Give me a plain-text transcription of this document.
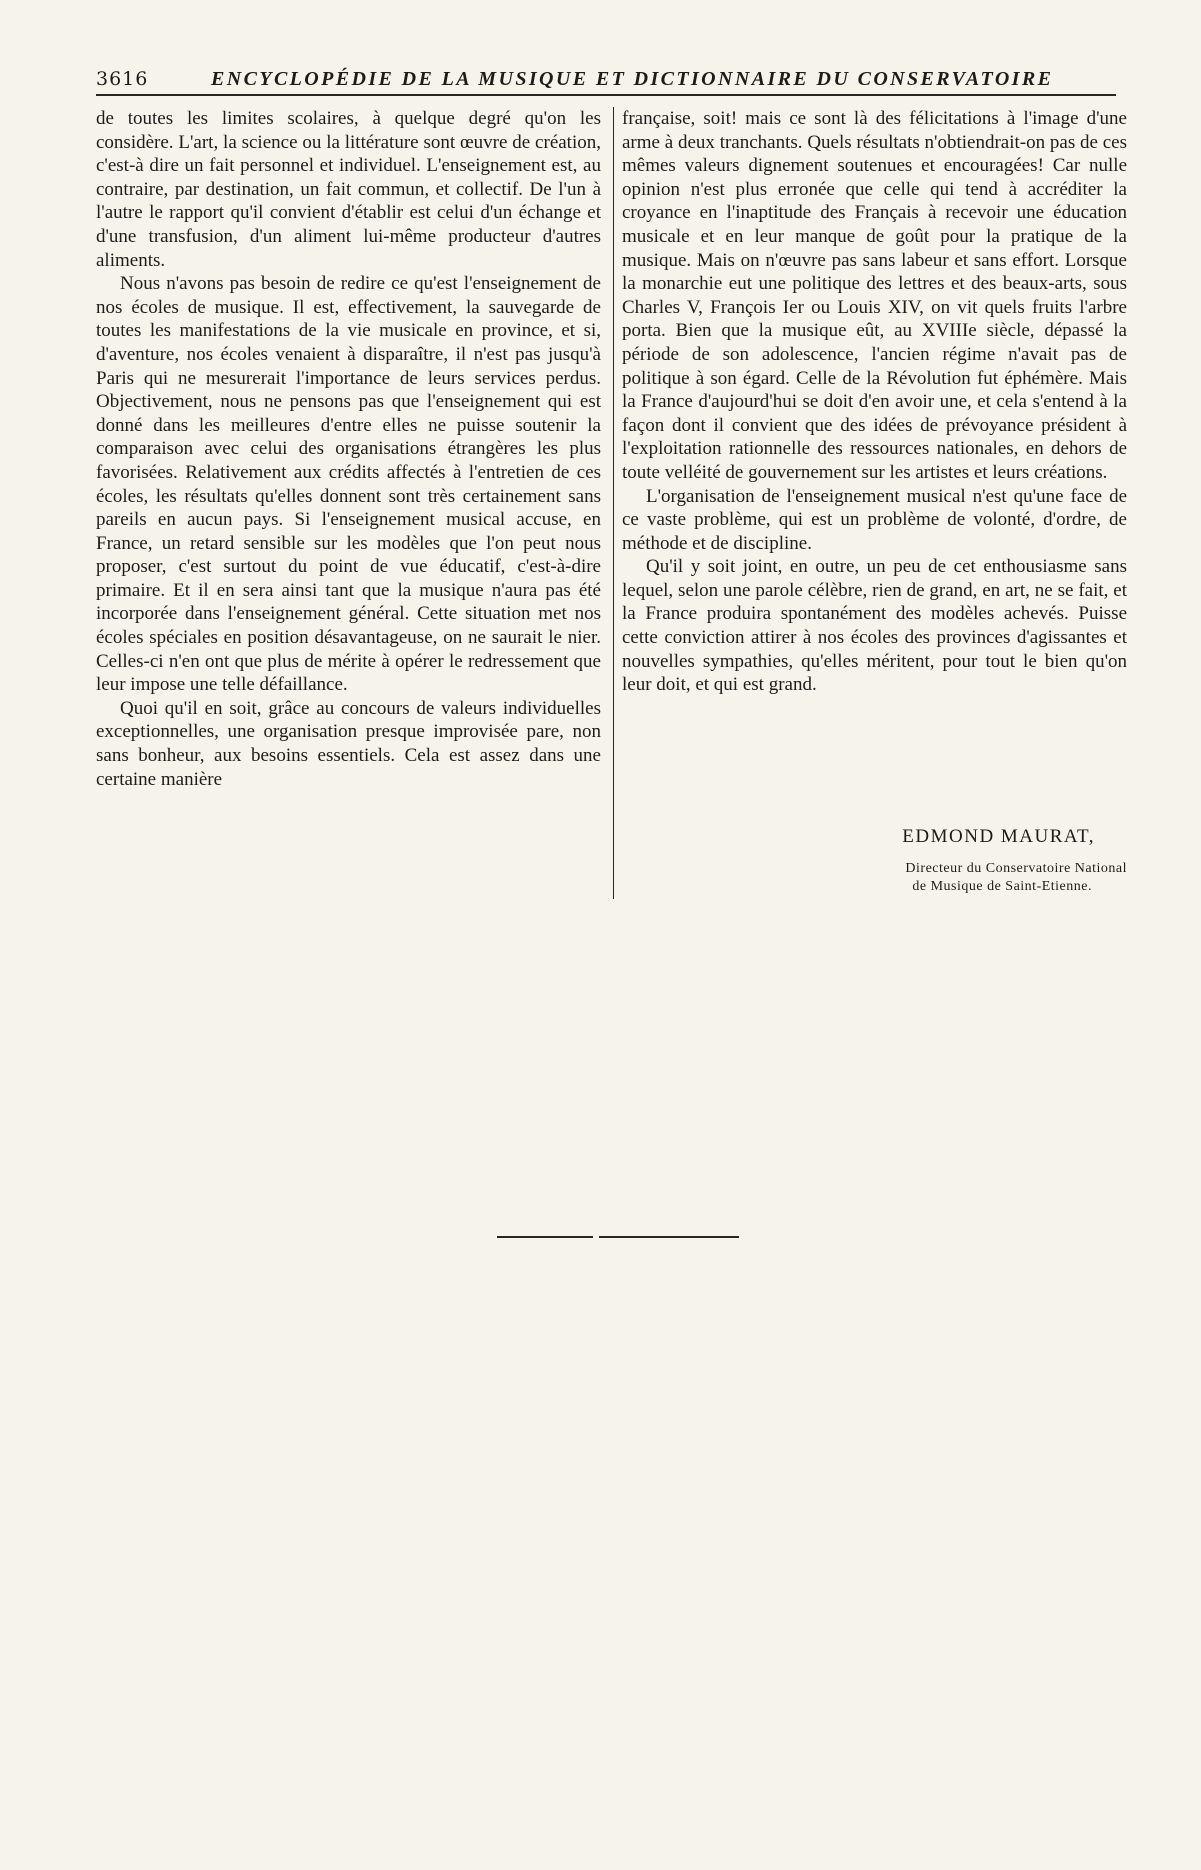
3616	ENCYCLOPÉDIE DE LA MUSIQUE ET DICTIONNAIRE DU CONSERVATOIRE

de toutes les limites scolaires, à quelque degré qu'on les considère. L'art, la science ou la littérature sont œuvre de création, c'est-à dire un fait personnel et individuel. L'enseignement est, au contraire, par destination, un fait commun, et collectif. De l'un à l'autre le rapport qu'il convient d'établir est celui d'un échange et d'une transfusion, d'un aliment lui-même producteur d'autres aliments.

Nous n'avons pas besoin de redire ce qu'est l'enseignement de nos écoles de musique. Il est, effectivement, la sauvegarde de toutes les manifestations de la vie musicale en province, et si, d'aventure, nos écoles venaient à disparaître, il n'est pas jusqu'à Paris qui ne mesurerait l'importance de leurs services perdus. Objectivement, nous ne pensons pas que l'enseignement qui est donné dans les meilleures d'entre elles ne puisse soutenir la comparaison avec celui des organisations étrangères les plus favorisées. Relativement aux crédits affectés à l'entretien de ces écoles, les résultats qu'elles donnent sont très certainement sans pareils en aucun pays. Si l'enseignement musical accuse, en France, un retard sensible sur les modèles que l'on peut nous proposer, c'est surtout du point de vue éducatif, c'est-à-dire primaire. Et il en sera ainsi tant que la musique n'aura pas été incorporée dans l'enseignement général. Cette situation met nos écoles spéciales en position désavantageuse, on ne saurait le nier. Celles-ci n'en ont que plus de mérite à opérer le redressement que leur impose une telle défaillance.

Quoi qu'il en soit, grâce au concours de valeurs individuelles exceptionnelles, une organisation presque improvisée pare, non sans bonheur, aux besoins essentiels. Cela est assez dans une certaine manière

française, soit! mais ce sont là des félicitations à l'image d'une arme à deux tranchants. Quels résultats n'obtiendrait-on pas de ces mêmes valeurs dignement soutenues et encouragées! Car nulle opinion n'est plus erronée que celle qui tend à accréditer la croyance en l'inaptitude des Français à recevoir une éducation musicale et en leur manque de goût pour la pratique de la musique. Mais on n'œuvre pas sans labeur et sans effort. Lorsque la monarchie eut une politique des lettres et des beaux-arts, sous Charles V, François Ier ou Louis XIV, on vit quels fruits l'arbre porta. Bien que la musique eût, au XVIIIe siècle, dépassé la période de son adolescence, l'ancien régime n'avait pas de politique à son égard. Celle de la Révolution fut éphémère. Mais la France d'aujourd'hui se doit d'en avoir une, et cela s'entend à la façon dont il convient que des idées de prévoyance président à l'exploitation rationnelle des ressources nationales, en dehors de toute velléité de gouvernement sur les artistes et leurs créations.

L'organisation de l'enseignement musical n'est qu'une face de ce vaste problème, qui est un problème de volonté, d'ordre, de méthode et de discipline.

Qu'il y soit joint, en outre, un peu de cet enthousiasme sans lequel, selon une parole célèbre, rien de grand, en art, ne se fait, et la France produira spontanément des modèles achevés. Puisse cette conviction attirer à nos écoles des provinces d'agissantes et nouvelles sympathies, qu'elles méritent, pour tout le bien qu'on leur doit, et qui est grand.

EDMOND MAURAT,
Directeur du Conservatoire National
de Musique de Saint-Etienne.
